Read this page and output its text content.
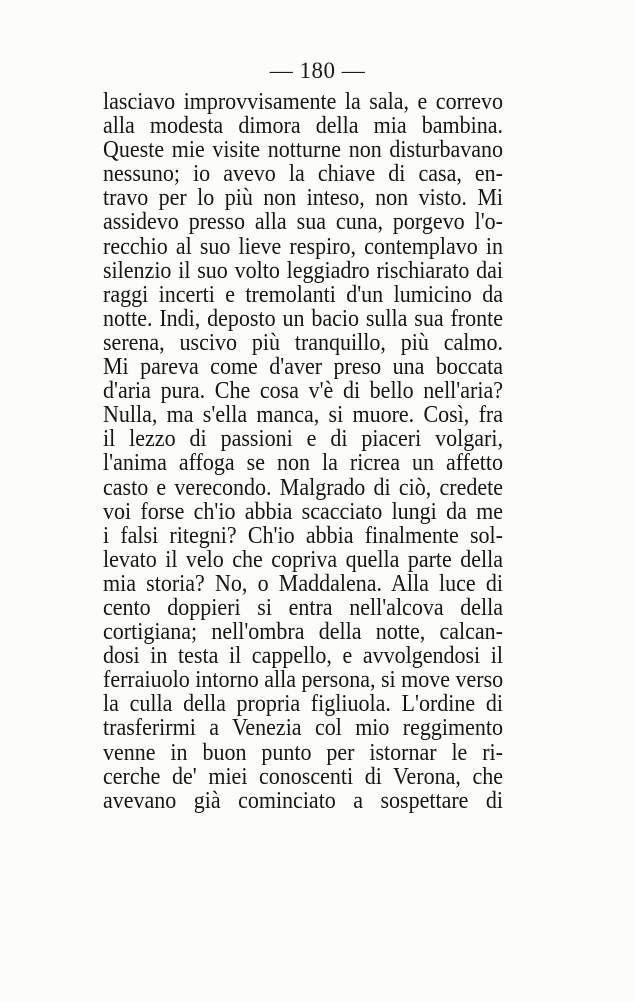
— 180 —
lasciavo improvvisamente la sala, e correvo
alla modesta dimora della mia bambina.
Queste mie visite notturne non disturbavano
nessuno; io avevo la chiave di casa, en-
travo per lo più non inteso, non visto. Mi
assidevo presso alla sua cuna, porgevo l'o-
recchio al suo lieve respiro, contemplavo in
silenzio il suo volto leggiadro rischiarato dai
raggi incerti e tremolanti d'un lumicino da
notte. Indi, deposto un bacio sulla sua fronte
serena, uscivo più tranquillo, più calmo.
Mi pareva come d'aver preso una boccata
d'aria pura. Che cosa v'è di bello nell'aria?
Nulla, ma s'ella manca, si muore. Così, fra
il lezzo di passioni e di piaceri volgari,
l'anima affoga se non la ricrea un affetto
casto e verecondo. Malgrado di ciò, credete
voi forse ch'io abbia scacciato lungi da me
i falsi ritegni? Ch'io abbia finalmente sol-
levato il velo che copriva quella parte della
mia storia? No, o Maddalena. Alla luce di
cento doppieri si entra nell'alcova della
cortigiana; nell'ombra della notte, calcan-
dosi in testa il cappello, e avvolgendosi il
ferraiuolo intorno alla persona, si move verso
la culla della propria figliuola. L'ordine di
trasferirmi a Venezia col mio reggimento
venne in buon punto per istornar le ri-
cerche de' miei conoscenti di Verona, che
avevano già cominciato a sospettare di
